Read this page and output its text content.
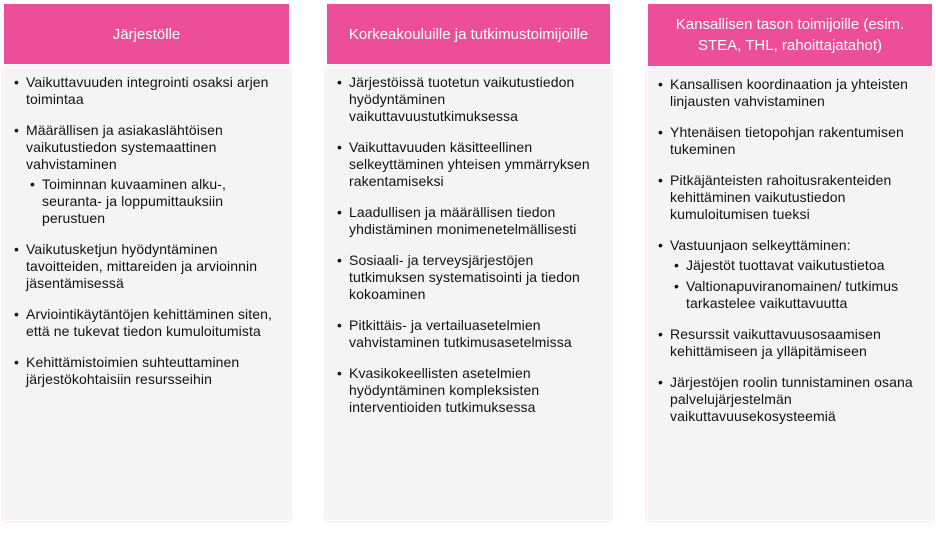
Järjestölle
• Vaikuttavuuden integrointi osaksi arjen toimintaa
• Määrällisen ja asiakaslähtöisen vaikutustiedon systemaattinen vahvistaminen
• Toiminnan kuvaaminen alku-, seuranta- ja loppumittauksiin perustuen
• Vaikutusketjun hyödyntäminen tavoitteiden, mittareiden ja arvioinnin jäsentämisessä
• Arviointikäytäntöjen kehittäminen siten, että ne tukevat tiedon kumuloitumista
• Kehittämistoimien suhteuttaminen järjestökohtaisiin resursseihin
Korkeakouluille ja tutkimustoimijoille
• Järjestöissä tuotetun vaikutustiedon hyödyntäminen vaikuttavuustutkimuksessa
• Vaikuttavuuden käsitteellinen selkeyttäminen yhteisen ymmärryksen rakentamiseksi
• Laadullisen ja määrällisen tiedon yhdistäminen monimenetelmällisesti
• Sosiaali- ja terveysjärjestöjen tutkimuksen systematisointi ja tiedon kokoaminen
• Pitkittäis- ja vertailuasetelmien vahvistaminen tutkimusasetelmissa
• Kvasikokeellisten asetelmien hyödyntäminen kompleksisten interventioiden tutkimuksessa
Kansallisen tason toimijoille (esim. STEA, THL, rahoittajatahot)
• Kansallisen koordinaation ja yhteisten linjausten vahvistaminen
• Yhtenäisen tietopohjan rakentumisen tukeminen
• Pitkäjänteisten rahoitusrakenteiden kehittäminen vaikutustiedon kumuloitumisen tueksi
• Vastuunjaon selkeyttäminen:
• Jäjestöt tuottavat vaikutustietoa
• Valtionapuviranomainen/ tutkimus tarkastelee vaikuttavuutta
• Resurssit vaikuttavuusosaamisen kehittämiseen ja ylläpitämiseen
• Järjestöjen roolin tunnistaminen osana palvelujärjestelmän vaikuttavuusekosysteemiä
